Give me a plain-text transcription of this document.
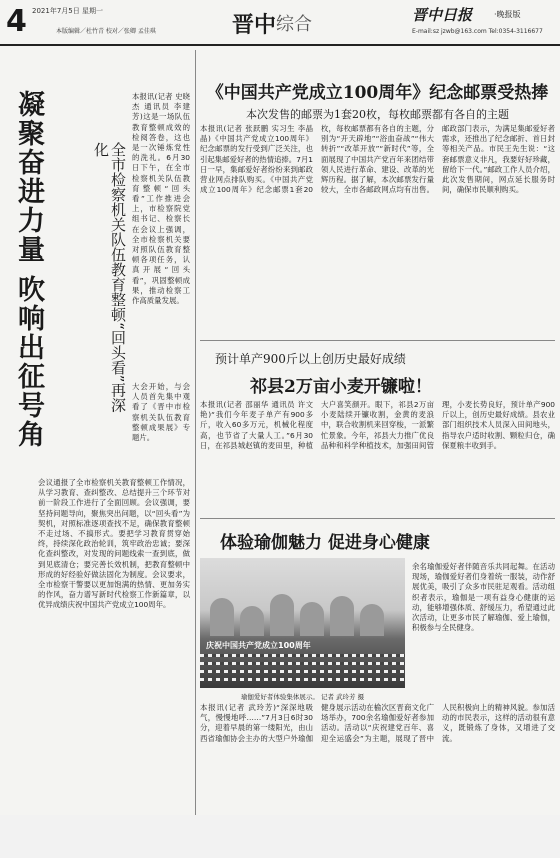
4 2021年7月5日 星期一
本版编辑／杜竹青 校对／张卿 孟佳琪	晋中 综合	晋中日报	·晚报版
E-mail:sz jzwb@163.com Tel:0354-3116677
凝聚奋进力量 吹响出征号角	全市检察机关队伍教育整顿“回头看”再深化
本报讯(记者 史晓杰 通讯员 李建芳)这是一场队伍教育整顿成效的检阅答卷，这也是一次锤炼党性的洗礼。6月30日下午，在全市检察机关队伍教育整顿“回头看”工作推进会上，市检察院党组书记、检察长在会议上强调，全市检察机关要对照队伍教育整顿各项任务，认真开展“回头看”，巩固整顿成果，推动检察工作高质量发展。
大会开始，与会人员首先集中观看了《晋中市检察机关队伍教育整顿成果展》专题片。
会议通报了全市检察机关教育整顿工作情况，从学习教育、查纠整改、总结提升三个环节对前一阶段工作进行了全面回顾。会议强调，要坚持问题导向，聚焦突出问题，以“回头看”为契机，对照标准逐项查找不足，确保教育整顿不走过场、不搞形式。要把学习教育贯穿始终，持续深化政治轮训，筑牢政治忠诚；要深化查纠整改，对发现的问题线索一查到底，做到见底清仓；要完善长效机制，把教育整顿中形成的好经验好做法固化为制度。会议要求，全市检察干警要以更加饱满的热情、更加务实的作风，奋力谱写新时代检察工作新篇章，以优异成绩庆祝中国共产党成立100周年。
《中国共产党成立100周年》纪念邮票受热捧
本次发售的邮票为1套20枚，每枚邮票都有各自的主题
本报讯(记者 张跃鹏 实习生 李晶晶)《中国共产党成立100周年》纪念邮票的发行受到广泛关注，也引起集邮爱好者的热情追捧。7月1日一早，集邮爱好者纷纷来到邮政营业网点排队购买。《中国共产党成立100周年》纪念邮票1套20枚，每枚邮票都有各自的主题，分别为“开天辟地”“浴血奋战”“伟大转折”“改革开放”“新时代”等，全面展现了中国共产党百年来团结带领人民进行革命、建设、改革的光辉历程。据了解，本次邮票发行量较大，全市各邮政网点均有出售。邮政部门表示，为满足集邮爱好者需求，还推出了纪念邮折、首日封等相关产品。市民王先生说：“这套邮票意义非凡，我要好好珍藏，留给下一代。”邮政工作人员介绍，此次发售期间，网点延长服务时间，确保市民顺利购买。
预计单产900斤以上创历史最好成绩
祁县2万亩小麦开镰啦！
本报讯(记者 邵丽华 通讯员 许文艳)“我们今年麦子单产有900多斤，收入60多万元，机械化程度高，也节省了大量人工。”6月30日，在祁县城赵镇的麦田里，种植大户喜笑颜开。眼下，祁县2万亩小麦陆续开镰收割，金黄的麦浪中，联合收割机来回穿梭，一派繁忙景象。今年，祁县大力推广优良品种和科学种植技术，加强田间管理，小麦长势良好，预计单产900斤以上，创历史最好成绩。县农业部门组织技术人员深入田间地头，指导农户适时收割、颗粒归仓，确保夏粮丰收到手。
体验瑜伽魅力 促进身心健康
庆祝中国共产党成立100周年
瑜伽爱好者体验集体展示。 记者 武玲芳 摄
余名瑜伽爱好者伴随音乐共同起舞。在活动现场，瑜伽爱好者们身着统一服装，动作舒展优美，吸引了众多市民驻足观看。活动组织者表示，瑜伽是一项有益身心健康的运动，能够增强体质、舒缓压力，希望通过此次活动，让更多市民了解瑜伽、爱上瑜伽，积极参与全民健身。
本报讯(记者 武玲芳)“深深地吸气，慢慢地呼……”7月3日6时30分，迎着早晨的第一缕阳光，由山西省瑜伽协会主办的大型户外瑜伽健身展示活动在榆次区晋商文化广场举办，700余名瑜伽爱好者参加活动。活动以“庆祝建党百年、喜迎全运盛会”为主题，展现了晋中人民积极向上的精神风貌。参加活动的市民表示，这样的活动很有意义，既锻炼了身体，又增进了交流。
